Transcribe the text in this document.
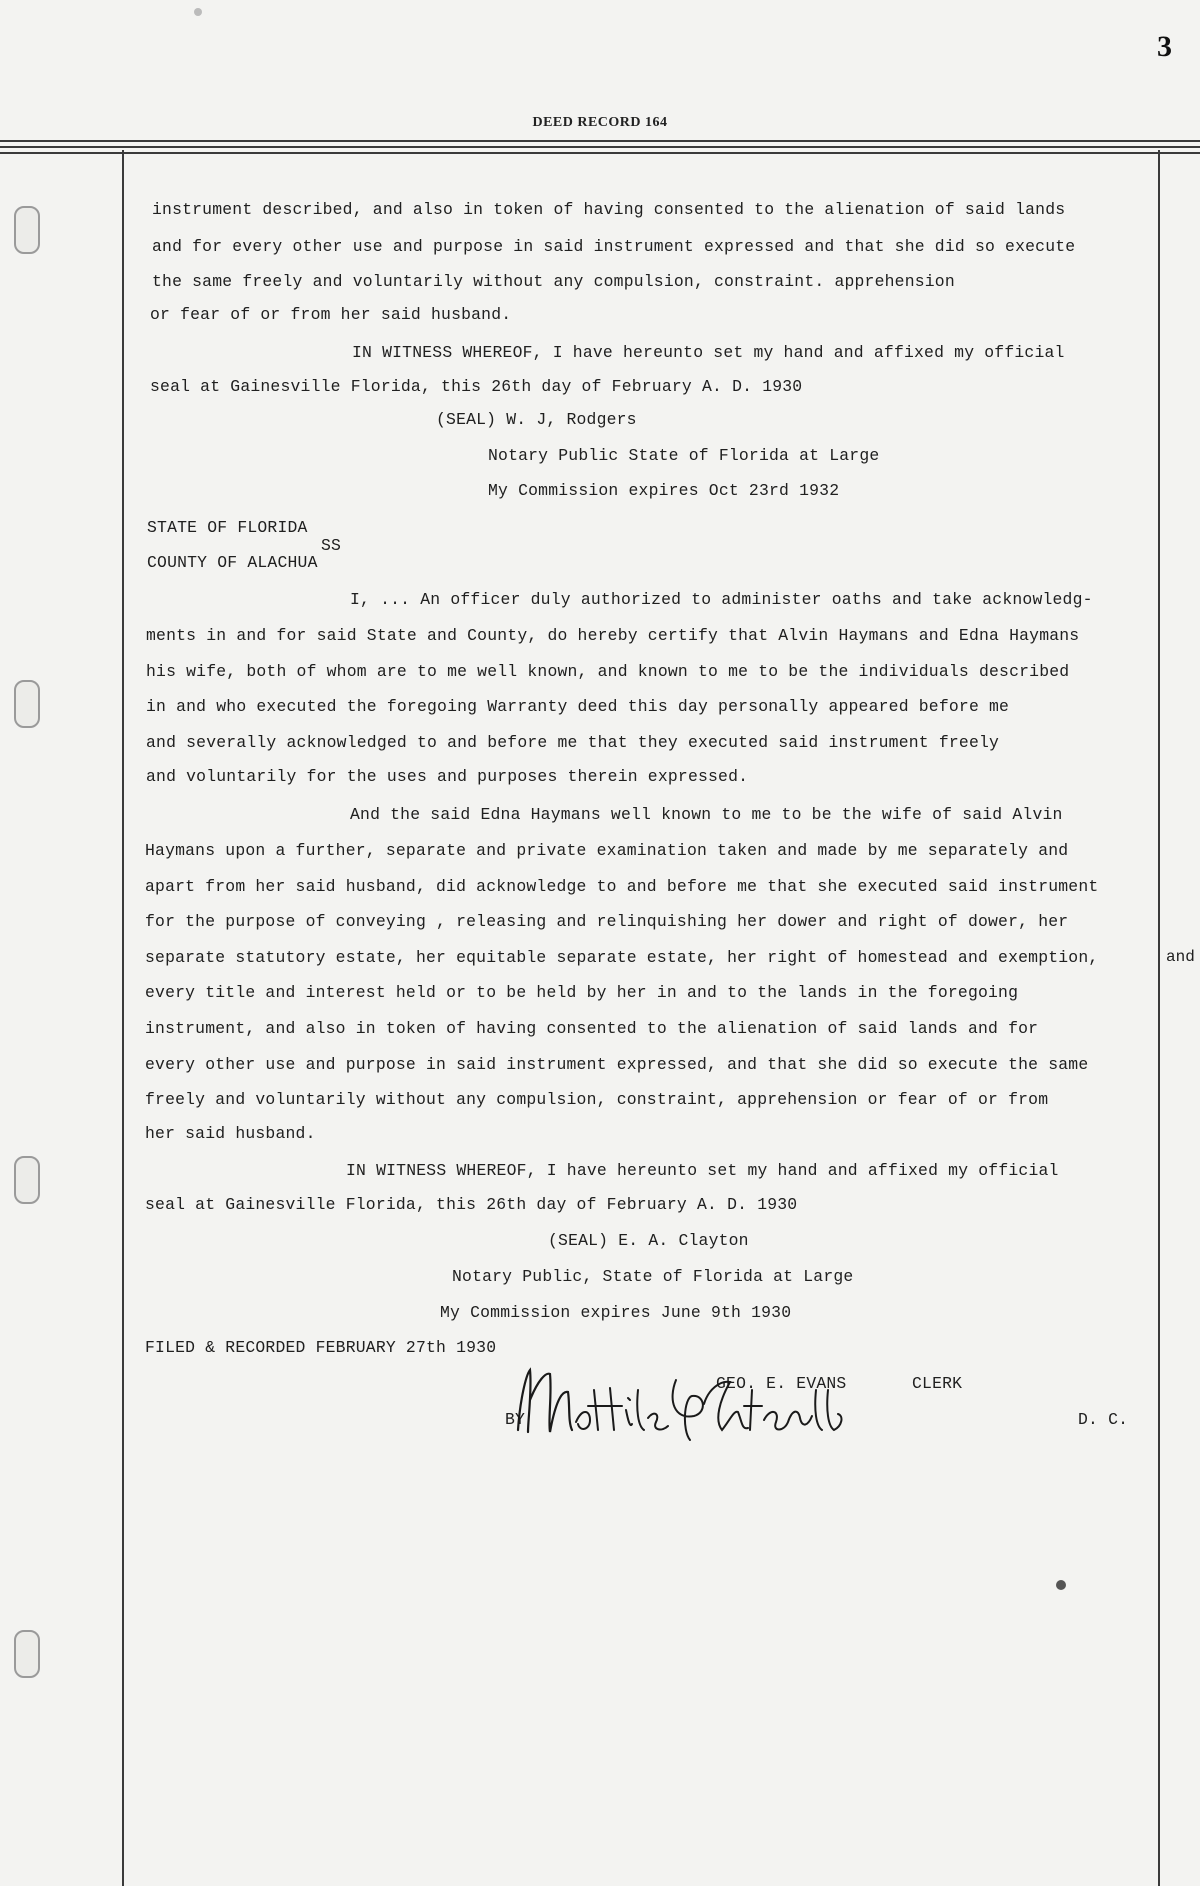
3
DEED RECORD 164
instrument described, and also in token of having consented to the alienation of said lands
and for every other use and purpose in said instrument expressed and that she did so execute
the same freely and voluntarily without any compulsion, constraint. apprehension
or fear of or from her said husband.
IN WITNESS WHEREOF, I have hereunto set my hand and affixed my official
seal at Gainesville Florida, this 26th day of February A. D. 1930
(SEAL) W. J, Rodgers
Notary Public State of Florida at Large
My Commission expires Oct 23rd 1932
STATE OF FLORIDA
SS
COUNTY OF ALACHUA
I, ... An officer duly authorized to administer oaths and take acknowledg-
ments in and for said State and County, do hereby certify that Alvin Haymans and Edna Haymans
his wife, both of whom are to me well known, and known to me to be the individuals described
in and who executed the foregoing Warranty deed this day personally appeared before me
and severally acknowledged to and before me that they executed said instrument freely
and voluntarily for the uses and purposes therein expressed.
And the said Edna Haymans well known to me to be the wife of said Alvin
Haymans upon a further, separate and private examination taken and made by me separately and
apart from her said husband, did acknowledge to and before me that she executed said instrument
for the purpose of conveying , releasing and relinquishing her dower and right of dower, her
separate statutory estate, her equitable separate estate, her right of homestead and exemption,
every title and interest held or to be held by her in and to the lands in the foregoing
instrument, and also in token of having consented to the alienation of said lands and for
every other use and purpose in said instrument expressed, and that she did so execute the same
freely and voluntarily without any compulsion, constraint, apprehension or fear of or from
her said husband.
IN WITNESS WHEREOF, I have hereunto set my hand and affixed my official
seal at Gainesville Florida, this 26th day of February A. D. 1930
(SEAL) E. A. Clayton
Notary Public, State of Florida at Large
My Commission expires June 9th 1930
FILED & RECORDED FEBRUARY 27th 1930
GEO. E. EVANS	CLERK
BY	D. C.
and
